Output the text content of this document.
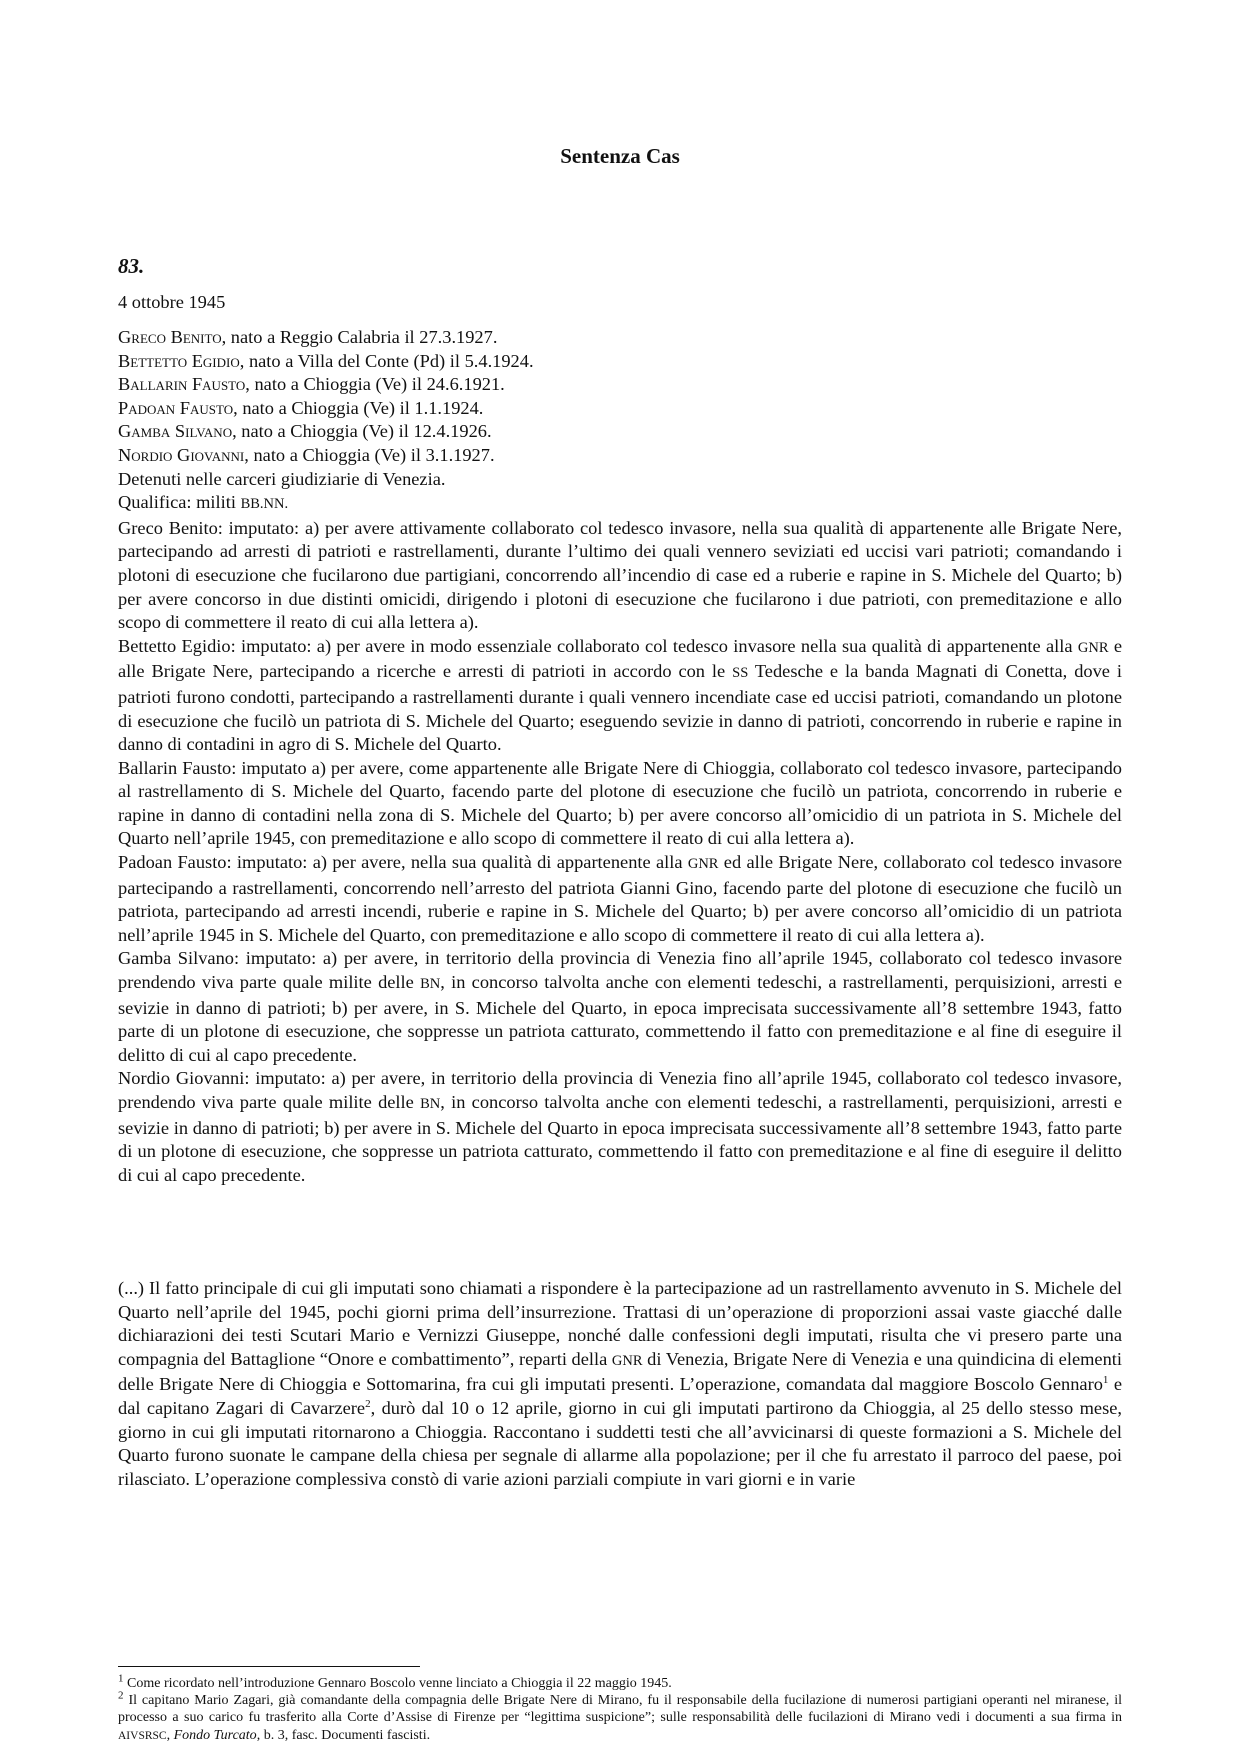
Sentenza Cas
83.
4 ottobre 1945

Greco Benito, nato a Reggio Calabria il 27.3.1927.

Bettetto Egidio, nato a Villa del Conte (Pd) il 5.4.1924.

Ballarin Fausto, nato a Chioggia (Ve) il 24.6.1921.

Padoan Fausto, nato a Chioggia (Ve) il 1.1.1924.

Gamba Silvano, nato a Chioggia (Ve) il 12.4.1926.

Nordio Giovanni, nato a Chioggia (Ve) il 3.1.1927.

Detenuti nelle carceri giudiziarie di Venezia.

Qualifica: militi BB.NN.

Greco Benito: imputato: a) per avere attivamente collaborato col tedesco invasore, nella sua qualità di appartenente alle Brigate Nere, partecipando ad arresti di patrioti e rastrellamenti, durante l’ultimo dei quali vennero seviziati ed uccisi vari patrioti; comandando i plotoni di esecuzione che fucilarono due partigiani, concorrendo all’incendio di case ed a ruberie e rapine in S. Michele del Quarto; b) per avere concorso in due distinti omicidi, dirigendo i plotoni di esecuzione che fucilarono i due patrioti, con premeditazione e allo scopo di commettere il reato di cui alla lettera a).

Bettetto Egidio: imputato: a) per avere in modo essenziale collaborato col tedesco invasore nella sua qualità di appartenente alla GNR e alle Brigate Nere, partecipando a ricerche e arresti di patrioti in accordo con le SS Tedesche e la banda Magnati di Conetta, dove i patrioti furono condotti, partecipando a rastrellamenti durante i quali vennero incendiate case ed uccisi patrioti, comandando un plotone di esecuzione che fucilò un patriota di S. Michele del Quarto; eseguendo sevizie in danno di patrioti, concorrendo in ruberie e rapine in danno di contadini in agro di S. Michele del Quarto.

Ballarin Fausto: imputato a) per avere, come appartenente alle Brigate Nere di Chioggia, collaborato col tedesco invasore, partecipando al rastrellamento di S. Michele del Quarto, facendo parte del plotone di esecuzione che fucilò un patriota, concorrendo in ruberie e rapine in danno di contadini nella zona di S. Michele del Quarto; b) per avere concorso all’omicidio di un patriota in S. Michele del Quarto nell’aprile 1945, con premeditazione e allo scopo di commettere il reato di cui alla lettera a).

Padoan Fausto: imputato: a) per avere, nella sua qualità di appartenente alla GNR ed alle Brigate Nere, collaborato col tedesco invasore partecipando a rastrellamenti, concorrendo nell’arresto del patriota Gianni Gino, facendo parte del plotone di esecuzione che fucilò un patriota, partecipando ad arresti incendi, ruberie e rapine in S. Michele del Quarto; b) per avere concorso all’omicidio di un patriota nell’aprile 1945 in S. Michele del Quarto, con premeditazione e allo scopo di commettere il reato di cui alla lettera a).

Gamba Silvano: imputato: a) per avere, in territorio della provincia di Venezia fino all’aprile 1945, collaborato col tedesco invasore prendendo viva parte quale milite delle BN, in concorso talvolta anche con elementi tedeschi, a rastrellamenti, perquisizioni, arresti e sevizie in danno di patrioti; b) per avere, in S. Michele del Quarto, in epoca imprecisata successivamente all’8 settembre 1943, fatto parte di un plotone di esecuzione, che soppresse un patriota catturato, commettendo il fatto con premeditazione e al fine di eseguire il delitto di cui al capo precedente.

Nordio Giovanni: imputato: a) per avere, in territorio della provincia di Venezia fino all’aprile 1945, collaborato col tedesco invasore, prendendo viva parte quale milite delle BN, in concorso talvolta anche con elementi tedeschi, a rastrellamenti, perquisizioni, arresti e sevizie in danno di patrioti; b) per avere in S. Michele del Quarto in epoca imprecisata successivamente all’8 settembre 1943, fatto parte di un plotone di esecuzione, che soppresse un patriota catturato, commettendo il fatto con premeditazione e al fine di eseguire il delitto di cui al capo precedente.

(...) Il fatto principale di cui gli imputati sono chiamati a rispondere è la partecipazione ad un rastrellamento avvenuto in S. Michele del Quarto nell’aprile del 1945, pochi giorni prima dell’insurrezione. Trattasi di un’operazione di proporzioni assai vaste giacché dalle dichiarazioni dei testi Scutari Mario e Vernizzi Giuseppe, nonché dalle confessioni degli imputati, risulta che vi presero parte una compagnia del Battaglione “Onore e combattimento”, reparti della GNR di Venezia, Brigate Nere di Venezia e una quindicina di elementi delle Brigate Nere di Chioggia e Sottomarina, fra cui gli imputati presenti. L’operazione, comandata dal maggiore Boscolo Gennaro$^1$ e dal capitano Zagari di Cavarzere$^2$, durò dal 10 o 12 aprile, giorno in cui gli imputati partirono da Chioggia, al 25 dello stesso mese, giorno in cui gli imputati ritornarono a Chioggia. Raccontano i suddetti testi che all’avvicinarsi di queste formazioni a S. Michele del Quarto furono suonate le campane della chiesa per segnale di allarme alla popolazione; per il che fu arrestato il parroco del paese, poi rilasciato. L’operazione complessiva constò di varie azioni parziali compiute in vari giorni e in varie

$^1$ Come ricordato nell’introduzione Gennaro Boscolo venne linciato a Chioggia il 22 maggio 1945.

$^2$ Il capitano Mario Zagari, già comandante della compagnia delle Brigate Nere di Mirano, fu il responsabile della fucilazione di numerosi partigiani operanti nel miranese, il processo a suo carico fu trasferito alla Corte d’Assise di Firenze per “legittima suspicione”; sulle responsabilità delle fucilazioni di Mirano vedi i documenti a sua firma in AIVSRSC, Fondo Turcato, b. 3, fasc. Documenti fascisti.
